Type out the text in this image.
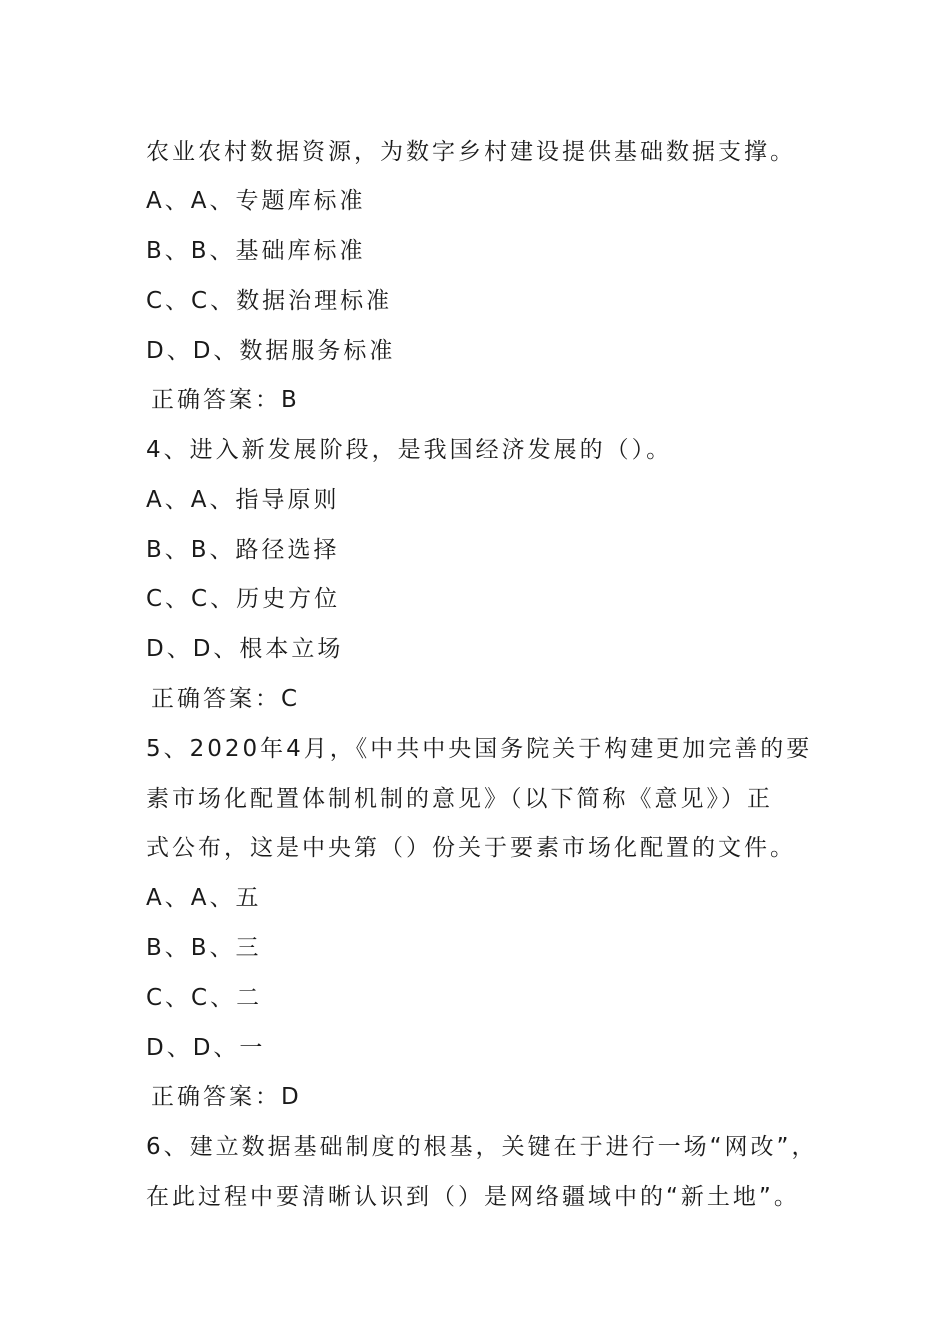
农业农村数据资源，为数字乡村建设提供基础数据支撑。
A、A、专题库标准
B、B、基础库标准
C、C、数据治理标准
D、D、数据服务标准
正确答案：B
4、进入新发展阶段，是我国经济发展的（）。
A、A、指导原则
B、B、路径选择
C、C、历史方位
D、D、根本立场
正确答案：C
5、2020年4月，《中共中央国务院关于构建更加完善的要
素市场化配置体制机制的意见》（以下简称《意见》）正
式公布，这是中央第（）份关于要素市场化配置的文件。
A、A、五
B、B、三
C、C、二
D、D、一
正确答案：D
6、建立数据基础制度的根基，关键在于进行一场“网改”，
在此过程中要清晰认识到（）是网络疆域中的“新土地”。
